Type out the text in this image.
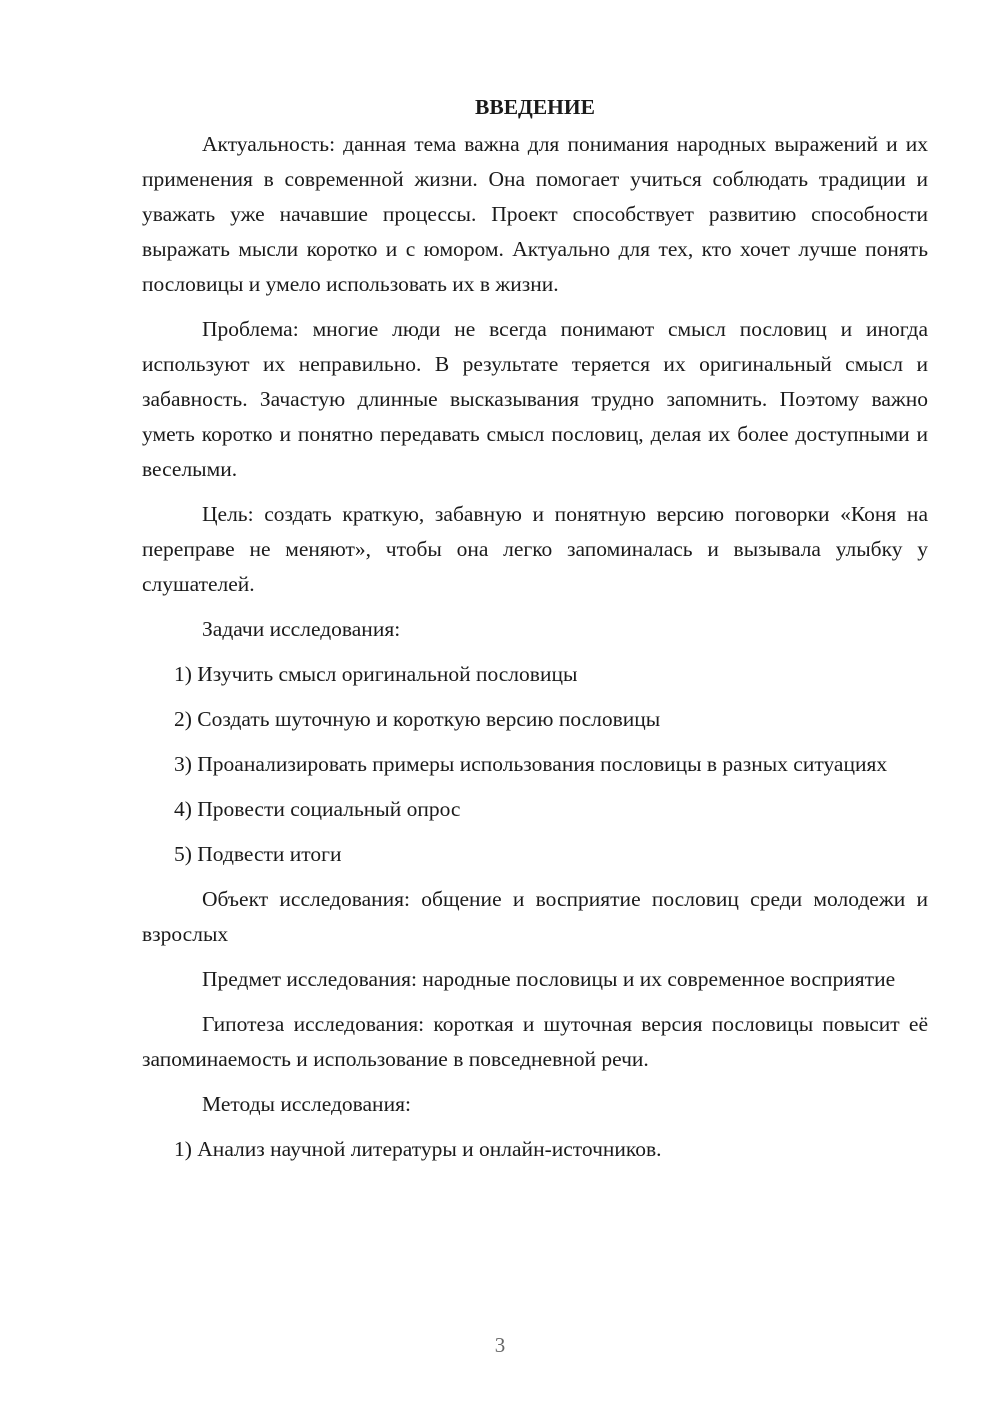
ВВЕДЕНИЕ

Актуальность: данная тема важна для понимания народных выражений и их применения в современной жизни. Она помогает учиться соблюдать традиции и уважать уже начавшие процессы. Проект способствует развитию способности выражать мысли коротко и с юмором. Актуально для тех, кто хочет лучше понять пословицы и умело использовать их в жизни.

Проблема: многие люди не всегда понимают смысл пословиц и иногда используют их неправильно. В результате теряется их оригинальный смысл и забавность. Зачастую длинные высказывания трудно запомнить. Поэтому важно уметь коротко и понятно передавать смысл пословиц, делая их более доступными и веселыми.

Цель: создать краткую, забавную и понятную версию поговорки «Коня на переправе не меняют», чтобы она легко запоминалась и вызывала улыбку у слушателей.

Задачи исследования:

1) Изучить смысл оригинальной пословицы

2) Создать шуточную и короткую версию пословицы

3) Проанализировать примеры использования пословицы в разных ситуациях

4) Провести социальный опрос

5) Подвести итоги

Объект исследования: общение и восприятие пословиц среди молодежи и взрослых

Предмет исследования: народные пословицы и их современное восприятие

Гипотеза исследования: короткая и шуточная версия пословицы повысит её запоминаемость и использование в повседневной речи.

Методы исследования:

1) Анализ научной литературы и онлайн-источников.

3
